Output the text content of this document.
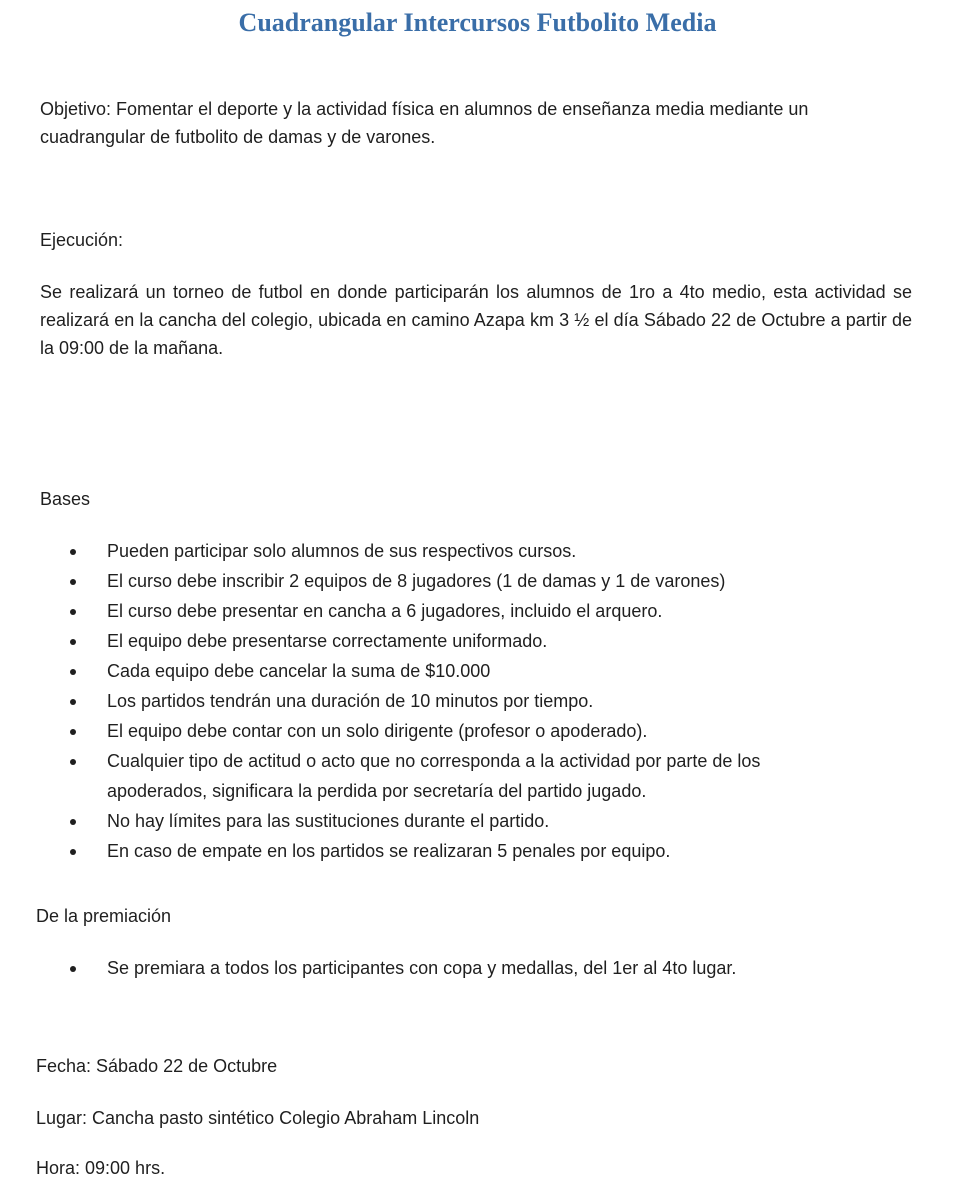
Cuadrangular Intercursos Futbolito Media

Objetivo: Fomentar el deporte y la actividad física en alumnos de enseñanza media mediante un cuadrangular de futbolito de damas y de varones.

Ejecución:

Se realizará un torneo de futbol en donde participarán los alumnos de 1ro a 4to medio, esta actividad se realizará en la cancha del colegio, ubicada en camino Azapa km 3 ½ el día Sábado 22 de Octubre a partir de la 09:00 de la mañana.

Bases

Pueden participar solo alumnos de sus respectivos cursos.
El curso debe inscribir 2 equipos de 8 jugadores (1 de damas y 1 de varones)
El curso debe presentar en cancha a 6 jugadores, incluido el arquero.
El equipo debe presentarse correctamente uniformado.
Cada equipo debe cancelar la suma de $10.000
Los partidos tendrán una duración de 10 minutos por tiempo.
El equipo debe contar con un solo dirigente (profesor o apoderado).
Cualquier tipo de actitud o acto que no corresponda a la actividad por parte de los apoderados, significara la perdida por secretaría del partido jugado.
No hay límites para las sustituciones durante el partido.
En caso de empate en los partidos se realizaran 5 penales por equipo.

De la premiación

Se premiara a todos los participantes con copa y medallas, del 1er al 4to lugar.

Fecha: Sábado 22 de Octubre

Lugar: Cancha pasto sintético Colegio Abraham Lincoln

Hora: 09:00 hrs.
